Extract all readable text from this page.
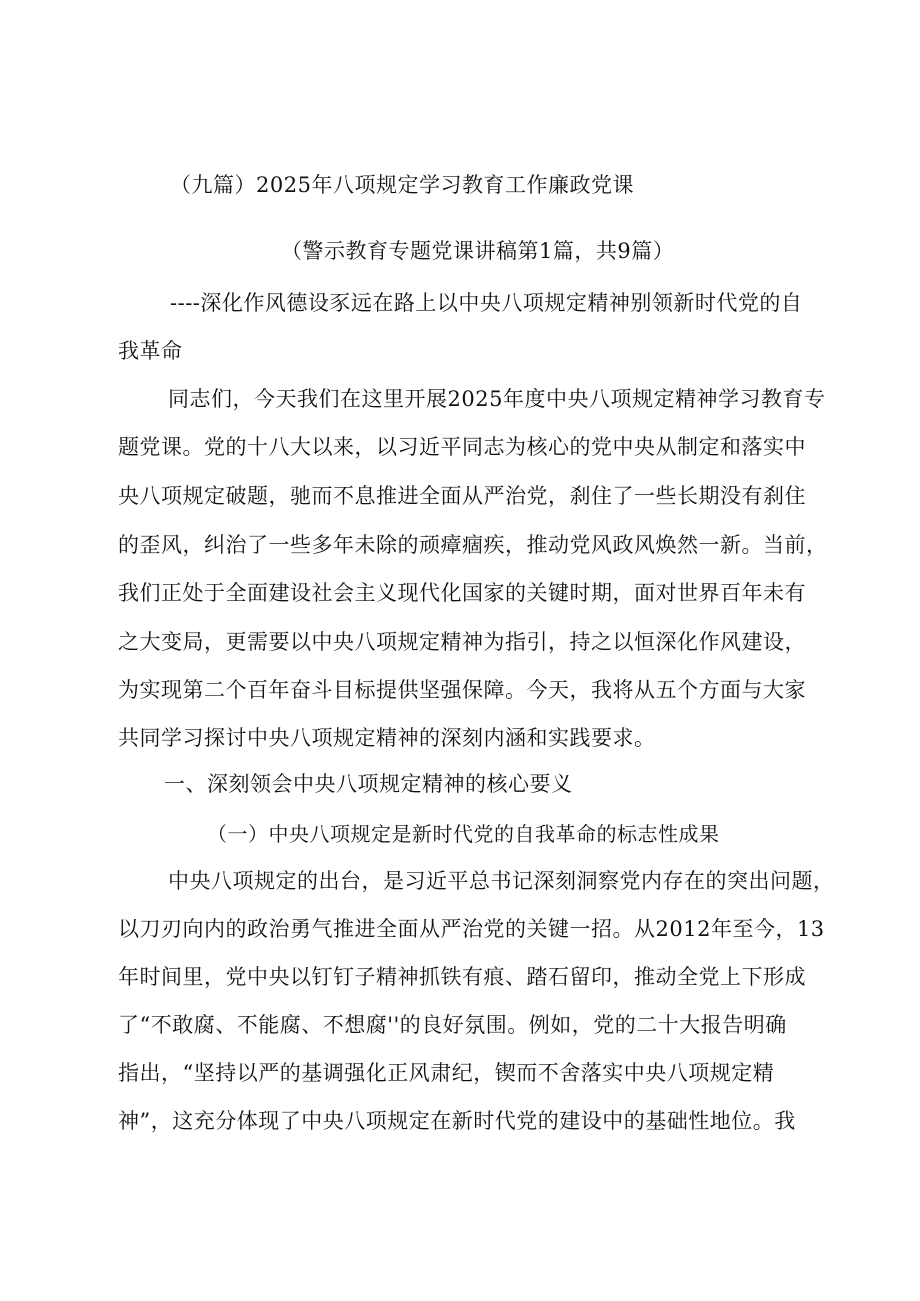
（九篇）2025年八项规定学习教育工作廉政党课
（警示教育专题党课讲稿第1篇，共9篇）
----深化作风德设豕远在路上以中央八项规定精神别领新时代党的自
我革命
同志们，今天我们在这里开展2025年度中央八项规定精神学习教育专
题党课。党的十八大以来，以习近平同志为核心的党中央从制定和落实中
央八项规定破题，驰而不息推进全面从严治党，刹住了一些长期没有刹住
的歪风，纠治了一些多年未除的顽瘴痼疾，推动党风政风焕然一新。当前，
我们正处于全面建设社会主义现代化国家的关键时期，面对世界百年未有
之大变局，更需要以中央八项规定精神为指引，持之以恒深化作风建设，
为实现第二个百年奋斗目标提供坚强保障。今天，我将从五个方面与大家
共同学习探讨中央八项规定精神的深刻内涵和实践要求。
一、深刻领会中央八项规定精神的核心要义
（一）中央八项规定是新时代党的自我革命的标志性成果
中央八项规定的出台，是习近平总书记深刻洞察党内存在的突出问题，
以刀刃向内的政治勇气推进全面从严治党的关键一招。从2012年至今，13
年时间里，党中央以钉钉子精神抓铁有痕、踏石留印，推动全党上下形成
了“不敢腐、不能腐、不想腐''的良好氛围。例如，党的二十大报告明确
指出，“坚持以严的基调强化正风肃纪，锲而不舍落实中央八项规定精
神”，这充分体现了中央八项规定在新时代党的建设中的基础性地位。我
